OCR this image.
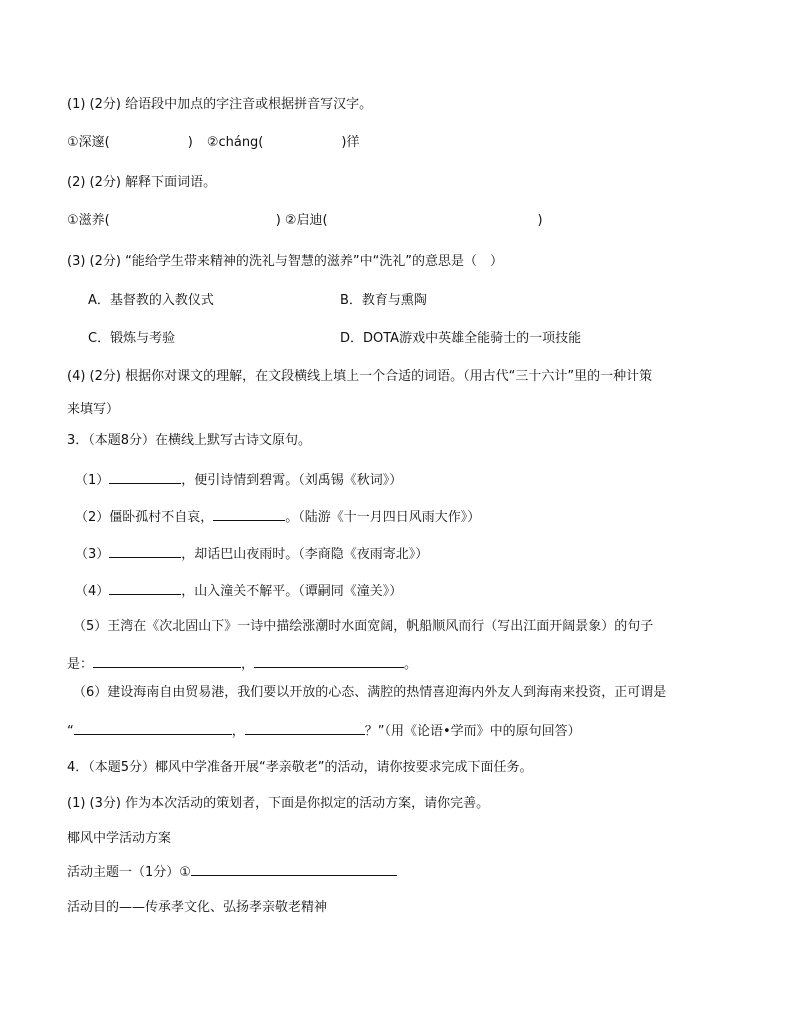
(1) (2分) 给语段中加点的字注音或根据拼音写汉字。
①深邃(	) ②cháng(	)徉
(2) (2分) 解释下面词语。
①滋养(	) ②启迪(	)
(3) (2分) “能给学生带来精神的洗礼与智慧的滋养”中“洗礼”的意思是（　）
A．基督教的入教仪式	B．教育与熏陶
C．锻炼与考验	D．DOTA游戏中英雄全能骑士的一项技能
(4) (2分) 根据你对课文的理解，在文段横线上填上一个合适的词语。（用古代“三十六计”里的一种计策
来填写）
3．（本题8分）在横线上默写古诗文原句。
（1）	，便引诗情到碧霄。（刘禹锡《秋词》）
（2）僵卧孤村不自哀，	。（陆游《十一月四日风雨大作》）
（3）	，却话巴山夜雨时。（李商隐《夜雨寄北》）
（4）	，山入潼关不解平。（谭嗣同《潼关》）
（5）王湾在《次北固山下》一诗中描绘涨潮时水面宽阔，帆船顺风而行（写出江面开阔景象）的句子
是：	，	。
（6）建设海南自由贸易港，我们要以开放的心态、满腔的热情喜迎海内外友人到海南来投资，正可谓是
“	，	？”（用《论语•学而》中的原句回答）
4．（本题5分）椰风中学准备开展“孝亲敬老”的活动，请你按要求完成下面任务。
(1) (3分) 作为本次活动的策划者，下面是你拟定的活动方案，请你完善。
椰风中学活动方案
活动主题一（1分）①
活动目的——传承孝文化、弘扬孝亲敬老精神
